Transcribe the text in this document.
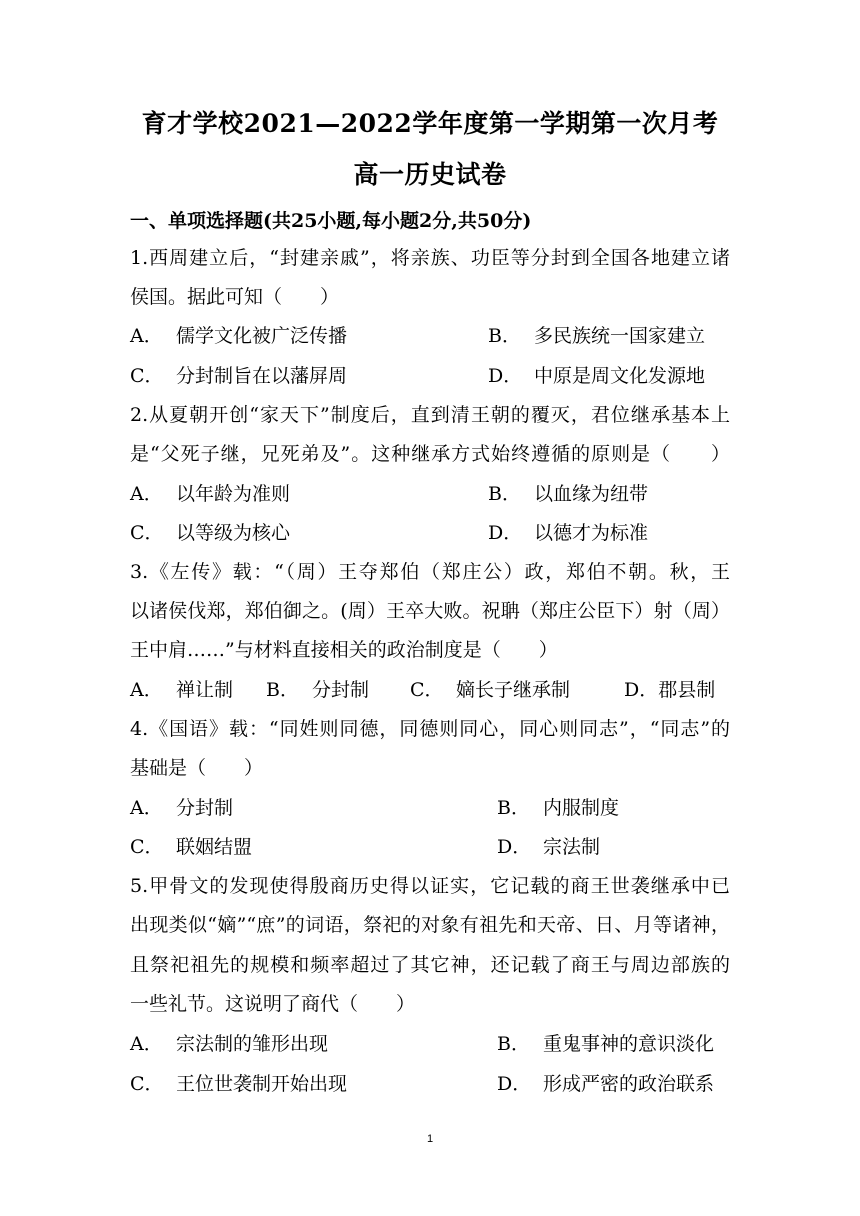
育才学校2021—2022学年度第一学期第一次月考
高一历史试卷
一、单项选择题(共25小题,每小题2分,共50分)
1.西周建立后，“封建亲戚”，将亲族、功臣等分封到全国各地建立诸
侯国。据此可知（　　）
A． 儒学文化被广泛传播	B． 多民族统一国家建立
C． 分封制旨在以藩屏周	D． 中原是周文化发源地
2.从夏朝开创“家天下”制度后，直到清王朝的覆灭，君位继承基本上
是“父死子继，兄死弟及”。这种继承方式始终遵循的原则是（　　）
A． 以年龄为准则	B． 以血缘为纽带
C． 以等级为核心	D． 以德才为标准
3.《左传》载：“（周）王夺郑伯（郑庄公）政，郑伯不朝。秋，王
以诸侯伐郑，郑伯御之。(周）王卒大败。祝聃（郑庄公臣下）射（周）
王中肩……”与材料直接相关的政治制度是（　　）
A． 禅让制 B． 分封制 C． 嫡长子继承制	D．郡县制
4.《国语》载：“同姓则同德，同德则同心，同心则同志”，“同志”的
基础是（　　）
A． 分封制	B． 内服制度
C． 联姻结盟	D． 宗法制
5.甲骨文的发现使得殷商历史得以证实，它记载的商王世袭继承中已
出现类似“嫡”“庶”的词语，祭祀的对象有祖先和天帝、日、月等诸神，
且祭祀祖先的规模和频率超过了其它神，还记载了商王与周边部族的
一些礼节。这说明了商代（　　）
A． 宗法制的雏形出现	B． 重鬼事神的意识淡化
C． 王位世袭制开始出现	D． 形成严密的政治联系
1
